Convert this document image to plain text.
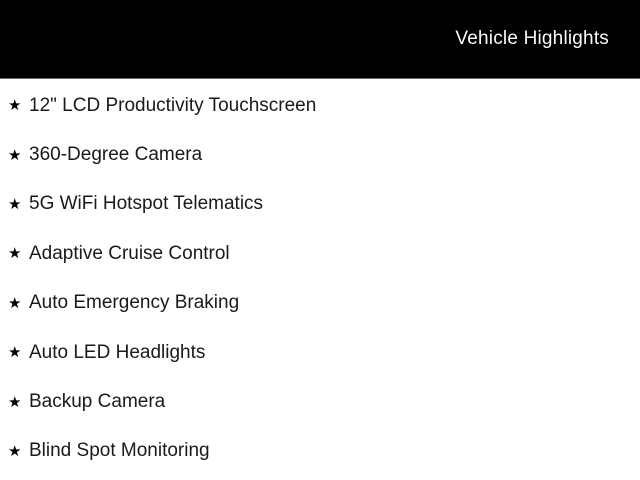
Vehicle Highlights
★ 12" LCD Productivity Touchscreen
★ 360-Degree Camera
★ 5G WiFi Hotspot Telematics
★ Adaptive Cruise Control
★ Auto Emergency Braking
★ Auto LED Headlights
★ Backup Camera
★ Blind Spot Monitoring
